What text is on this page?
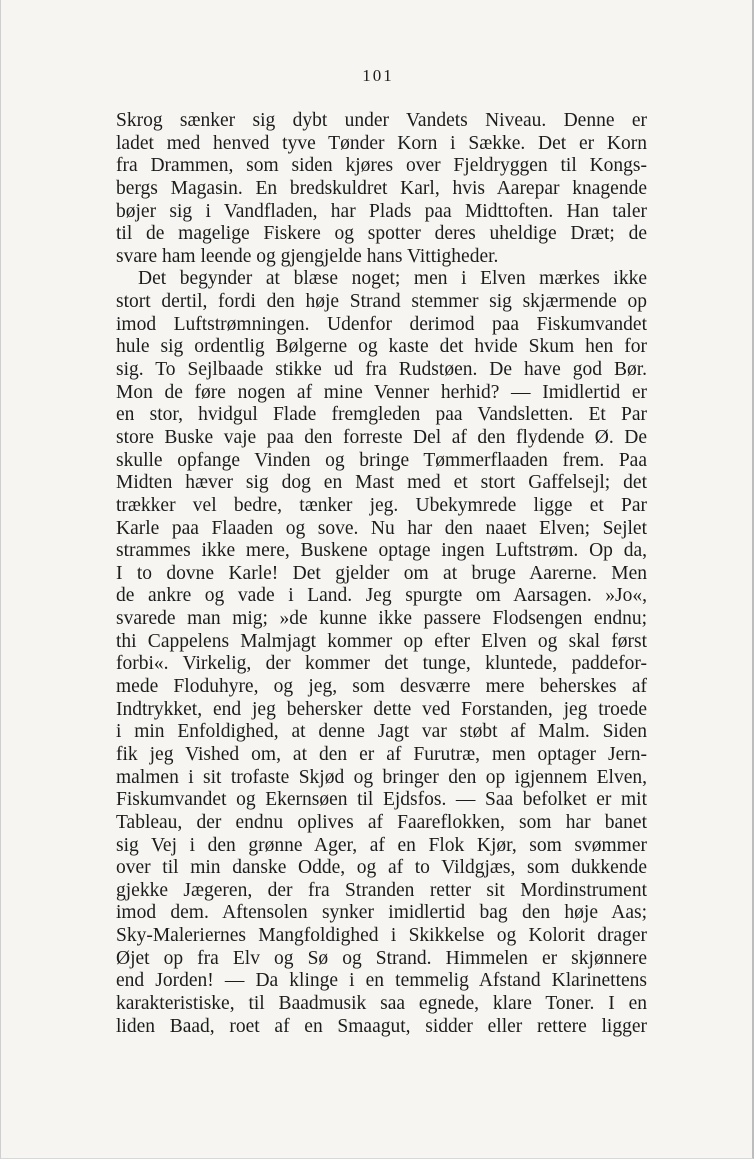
101
Skrog sænker sig dybt under Vandets Niveau. Denne er
ladet med henved tyve Tønder Korn i Sække. Det er Korn
fra Drammen, som siden kjøres over Fjeldryggen til Kongs-
bergs Magasin. En bredskuldret Karl, hvis Aarepar knagende
bøjer sig i Vandfladen, har Plads paa Midttoften. Han taler
til de magelige Fiskere og spotter deres uheldige Dræt; de
svare ham leende og gjengjelde hans Vittigheder.
Det begynder at blæse noget; men i Elven mærkes ikke
stort dertil, fordi den høje Strand stemmer sig skjærmende op
imod Luftstrømningen. Udenfor derimod paa Fiskumvandet
hule sig ordentlig Bølgerne og kaste det hvide Skum hen for
sig. To Sejlbaade stikke ud fra Rudstøen. De have god Bør.
Mon de føre nogen af mine Venner herhid? — Imidlertid er
en stor, hvidgul Flade fremgleden paa Vandsletten. Et Par
store Buske vaje paa den forreste Del af den flydende Ø. De
skulle opfange Vinden og bringe Tømmerflaaden frem. Paa
Midten hæver sig dog en Mast med et stort Gaffelsejl; det
trækker vel bedre, tænker jeg. Ubekymrede ligge et Par
Karle paa Flaaden og sove. Nu har den naaet Elven; Sejlet
strammes ikke mere, Buskene optage ingen Luftstrøm. Op da,
I to dovne Karle! Det gjelder om at bruge Aarerne. Men
de ankre og vade i Land. Jeg spurgte om Aarsagen. »Jo«,
svarede man mig; »de kunne ikke passere Flodsengen endnu;
thi Cappelens Malmjagt kommer op efter Elven og skal først
forbi«. Virkelig, der kommer det tunge, kluntede, paddefor-
mede Floduhyre, og jeg, som desværre mere beherskes af
Indtrykket, end jeg behersker dette ved Forstanden, jeg troede
i min Enfoldighed, at denne Jagt var støbt af Malm. Siden
fik jeg Vished om, at den er af Furutræ, men optager Jern-
malmen i sit trofaste Skjød og bringer den op igjennem Elven,
Fiskumvandet og Ekernsøen til Ejdsfos. — Saa befolket er mit
Tableau, der endnu oplives af Faareflokken, som har banet
sig Vej i den grønne Ager, af en Flok Kjør, som svømmer
over til min danske Odde, og af to Vildgjæs, som dukkende
gjekke Jægeren, der fra Stranden retter sit Mordinstrument
imod dem. Aftensolen synker imidlertid bag den høje Aas;
Sky-Maleriernes Mangfoldighed i Skikkelse og Kolorit drager
Øjet op fra Elv og Sø og Strand. Himmelen er skjønnere
end Jorden! — Da klinge i en temmelig Afstand Klarinettens
karakteristiske, til Baadmusik saa egnede, klare Toner. I en
liden Baad, roet af en Smaagut, sidder eller rettere ligger
